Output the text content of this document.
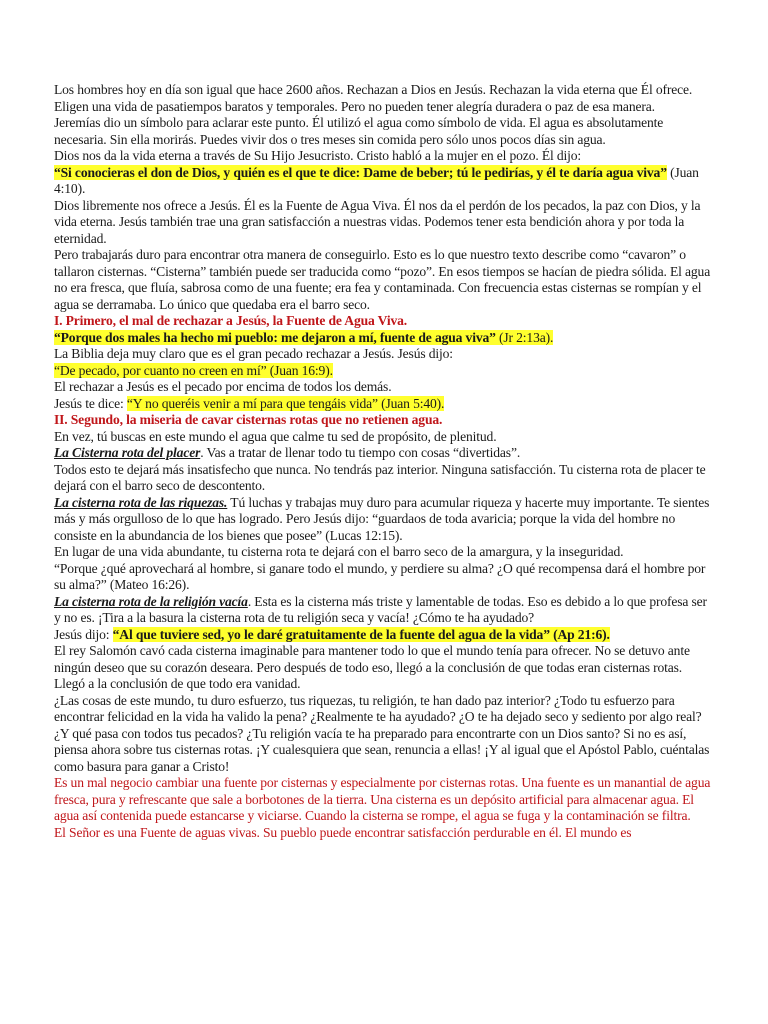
Los hombres hoy en día son igual que hace 2600 años. Rechazan a Dios en Jesús. Rechazan la vida eterna que Él ofrece. Eligen una vida de pasatiempos baratos y temporales. Pero no pueden tener alegría duradera o paz de esa manera.

Jeremías dio un símbolo para aclarar este punto. Él utilizó el agua como símbolo de vida. El agua es absolutamente necesaria. Sin ella morirás. Puedes vivir dos o tres meses sin comida pero sólo unos pocos días sin agua.

Dios nos da la vida eterna a través de Su Hijo Jesucristo. Cristo habló a la mujer en el pozo. Él dijo:

“Si conocieras el don de Dios, y quién es el que te dice: Dame de beber; tú le pedirías, y él te daría agua viva” (Juan 4:10).

Dios libremente nos ofrece a Jesús. Él es la Fuente de Agua Viva. Él nos da el perdón de los pecados, la paz con Dios, y la vida eterna. Jesús también trae una gran satisfacción a nuestras vidas. Podemos tener esta bendición ahora y por toda la eternidad.

Pero trabajarás duro para encontrar otra manera de conseguirlo. Esto es lo que nuestro texto describe como “cavaron” o tallaron cisternas. “Cisterna” también puede ser traducida como “pozo”. En esos tiempos se hacían de piedra sólida. El agua no era fresca, que fluía, sabrosa como de una fuente; era fea y contaminada. Con frecuencia estas cisternas se rompían y el agua se derramaba. Lo único que quedaba era el barro seco.

I. Primero, el mal de rechazar a Jesús, la Fuente de Agua Viva.

“Porque dos males ha hecho mi pueblo: me dejaron a mí, fuente de agua viva” (Jr 2:13a).

La Biblia deja muy claro que es el gran pecado rechazar a Jesús. Jesús dijo:

“De pecado, por cuanto no creen en mí” (Juan 16:9).

El rechazar a Jesús es el pecado por encima de todos los demás.

Jesús te dice: “Y no queréis venir a mí para que tengáis vida” (Juan 5:40).

II. Segundo, la miseria de cavar cisternas rotas que no retienen agua.

En vez, tú buscas en este mundo el agua que calme tu sed de propósito, de plenitud.

La Cisterna rota del placer. Vas a tratar de llenar todo tu tiempo con cosas “divertidas”.

Todos esto te dejará más insatisfecho que nunca. No tendrás paz interior. Ninguna satisfacción. Tu cisterna rota de placer te dejará con el barro seco de descontento.

La cisterna rota de las riquezas. Tú luchas y trabajas muy duro para acumular riqueza y hacerte muy importante. Te sientes más y más orgulloso de lo que has logrado. Pero Jesús dijo: “guardaos de toda avaricia; porque la vida del hombre no consiste en la abundancia de los bienes que posee” (Lucas 12:15).

En lugar de una vida abundante, tu cisterna rota te dejará con el barro seco de la amargura, y la inseguridad.

“Porque ¿qué aprovechará al hombre, si ganare todo el mundo, y perdiere su alma? ¿O qué recompensa dará el hombre por su alma?” (Mateo 16:26).

La cisterna rota de la religión vacía. Esta es la cisterna más triste y lamentable de todas. Eso es debido a lo que profesa ser y no es. ¡Tira a la basura la cisterna rota de tu religión seca y vacía! ¿Cómo te ha ayudado?

Jesús dijo: “Al que tuviere sed, yo le daré gratuitamente de la fuente del agua de la vida” (Ap 21:6).

El rey Salomón cavó cada cisterna imaginable para mantener todo lo que el mundo tenía para ofrecer. No se detuvo ante ningún deseo que su corazón deseara. Pero después de todo eso, llegó a la conclusión de que todas eran cisternas rotas. Llegó a la conclusión de que todo era vanidad.

¿Las cosas de este mundo, tu duro esfuerzo, tus riquezas, tu religión, te han dado paz interior? ¿Todo tu esfuerzo para encontrar felicidad en la vida ha valido la pena? ¿Realmente te ha ayudado? ¿O te ha dejado seco y sediento por algo real? ¿Y qué pasa con todos tus pecados? ¿Tu religión vacía te ha preparado para encontrarte con un Dios santo? Si no es así, piensa ahora sobre tus cisternas rotas. ¡Y cualesquiera que sean, renuncia a ellas! ¡Y al igual que el Apóstol Pablo, cuéntalas como basura para ganar a Cristo!

Es un mal negocio cambiar una fuente por cisternas y especialmente por cisternas rotas. Una fuente es un manantial de agua fresca, pura y refrescante que sale a borbotones de la tierra. Una cisterna es un depósito artificial para almacenar agua. El agua así contenida puede estancarse y viciarse. Cuando la cisterna se rompe, el agua se fuga y la contaminación se filtra.

El Señor es una Fuente de aguas vivas. Su pueblo puede encontrar satisfacción perdurable en él. El mundo es
